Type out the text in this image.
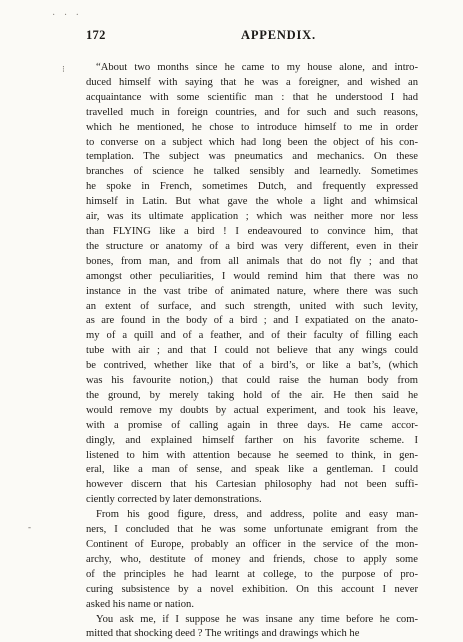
· · ·
172	APPENDIX.
⁝
-
“About two months since he came to my house alone, and intro-
duced himself with saying that he was a foreigner, and wished an
acquaintance with some scientific man : that he understood I had
travelled much in foreign countries, and for such and such reasons,
which he mentioned, he chose to introduce himself to me in order
to converse on a subject which had long been the object of his con-
templation. The subject was pneumatics and mechanics. On these
branches of science he talked sensibly and learnedly. Sometimes
he spoke in French, sometimes Dutch, and frequently expressed
himself in Latin. But what gave the whole a light and whimsical
air, was its ultimate application ; which was neither more nor less
than FLYING like a bird ! I endeavoured to convince him, that
the structure or anatomy of a bird was very different, even in their
bones, from man, and from all animals that do not fly ; and that
amongst other peculiarities, I would remind him that there was no
instance in the vast tribe of animated nature, where there was such
an extent of surface, and such strength, united with such levity,
as are found in the body of a bird ; and I expatiated on the anato-
my of a quill and of a feather, and of their faculty of filling each
tube with air ; and that I could not believe that any wings could
be contrived, whether like that of a bird’s, or like a bat’s, (which
was his favourite notion,) that could raise the human body from
the ground, by merely taking hold of the air. He then said he
would remove my doubts by actual experiment, and took his leave,
with a promise of calling again in three days. He came accor-
dingly, and explained himself farther on his favorite scheme. I
listened to him with attention because he seemed to think, in gen-
eral, like a man of sense, and speak like a gentleman. I could
however discern that his Cartesian philosophy had not been suffi-
ciently corrected by later demonstrations.
From his good figure, dress, and address, polite and easy man-
ners, I concluded that he was some unfortunate emigrant from the
Continent of Europe, probably an officer in the service of the mon-
archy, who, destitute of money and friends, chose to apply some
of the principles he had learnt at college, to the purpose of pro-
curing subsistence by a novel exhibition. On this account I never
asked his name or nation.
You ask me, if I suppose he was insane any time before he com-
mitted that shocking deed ? The writings and drawings which he
